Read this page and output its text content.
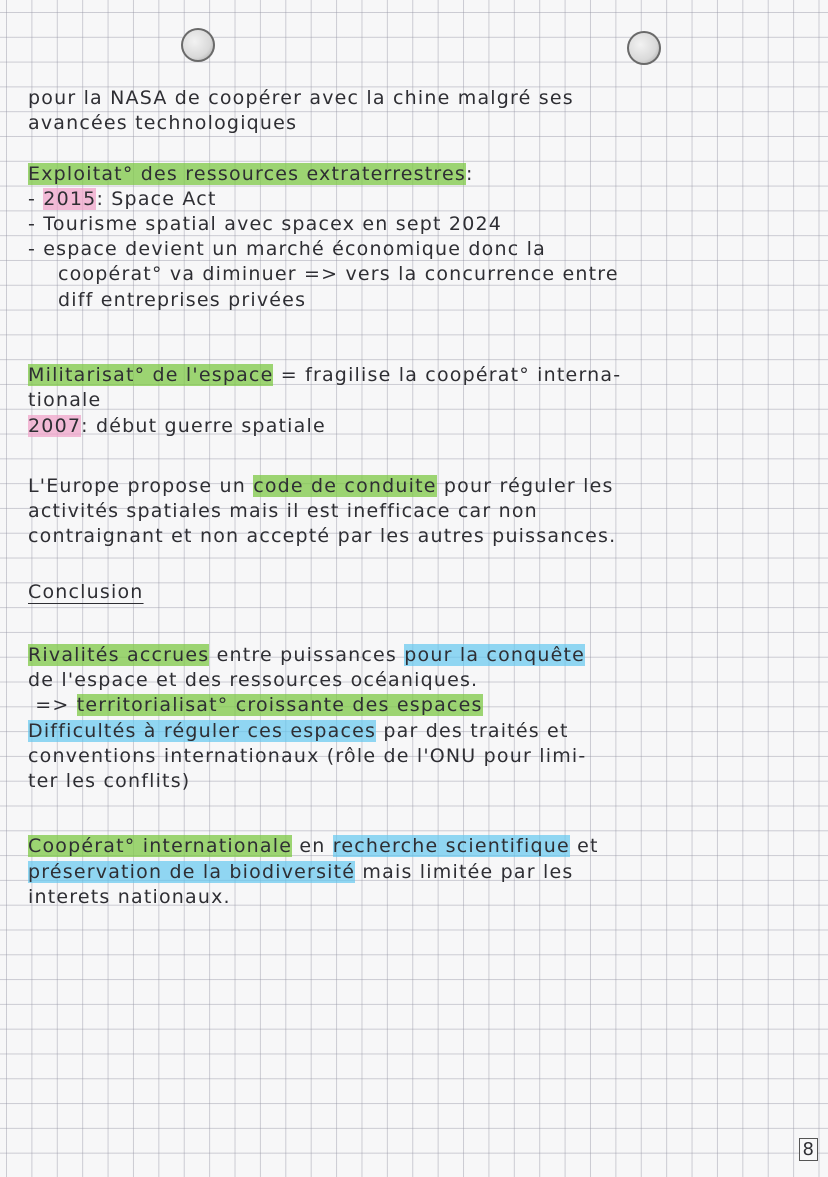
pour la NASA de coopérer avec la chine malgré ses
avancées technologiques
Exploitat° des ressources extraterrestres:
- 2015: Space Act
- Tourisme spatial avec spacex en sept 2024
- espace devient un marché économique donc la
coopérat° va diminuer => vers la concurrence entre
diff entreprises privées
Militarisat° de l'espace = fragilise la coopérat° interna-
tionale
2007: début guerre spatiale
L'Europe propose un code de conduite pour réguler les
activités spatiales mais il est inefficace car non
contraignant et non accepté par les autres puissances.
Conclusion
Rivalités accrues entre puissances pour la conquête
de l'espace et des ressources océaniques.
=> territorialisat° croissante des espaces
Difficultés à réguler ces espaces par des traités et
conventions internationaux (rôle de l'ONU pour limi-
ter les conflits)
Coopérat° internationale en recherche scientifique et
préservation de la biodiversité mais limitée par les
interets nationaux.
8
